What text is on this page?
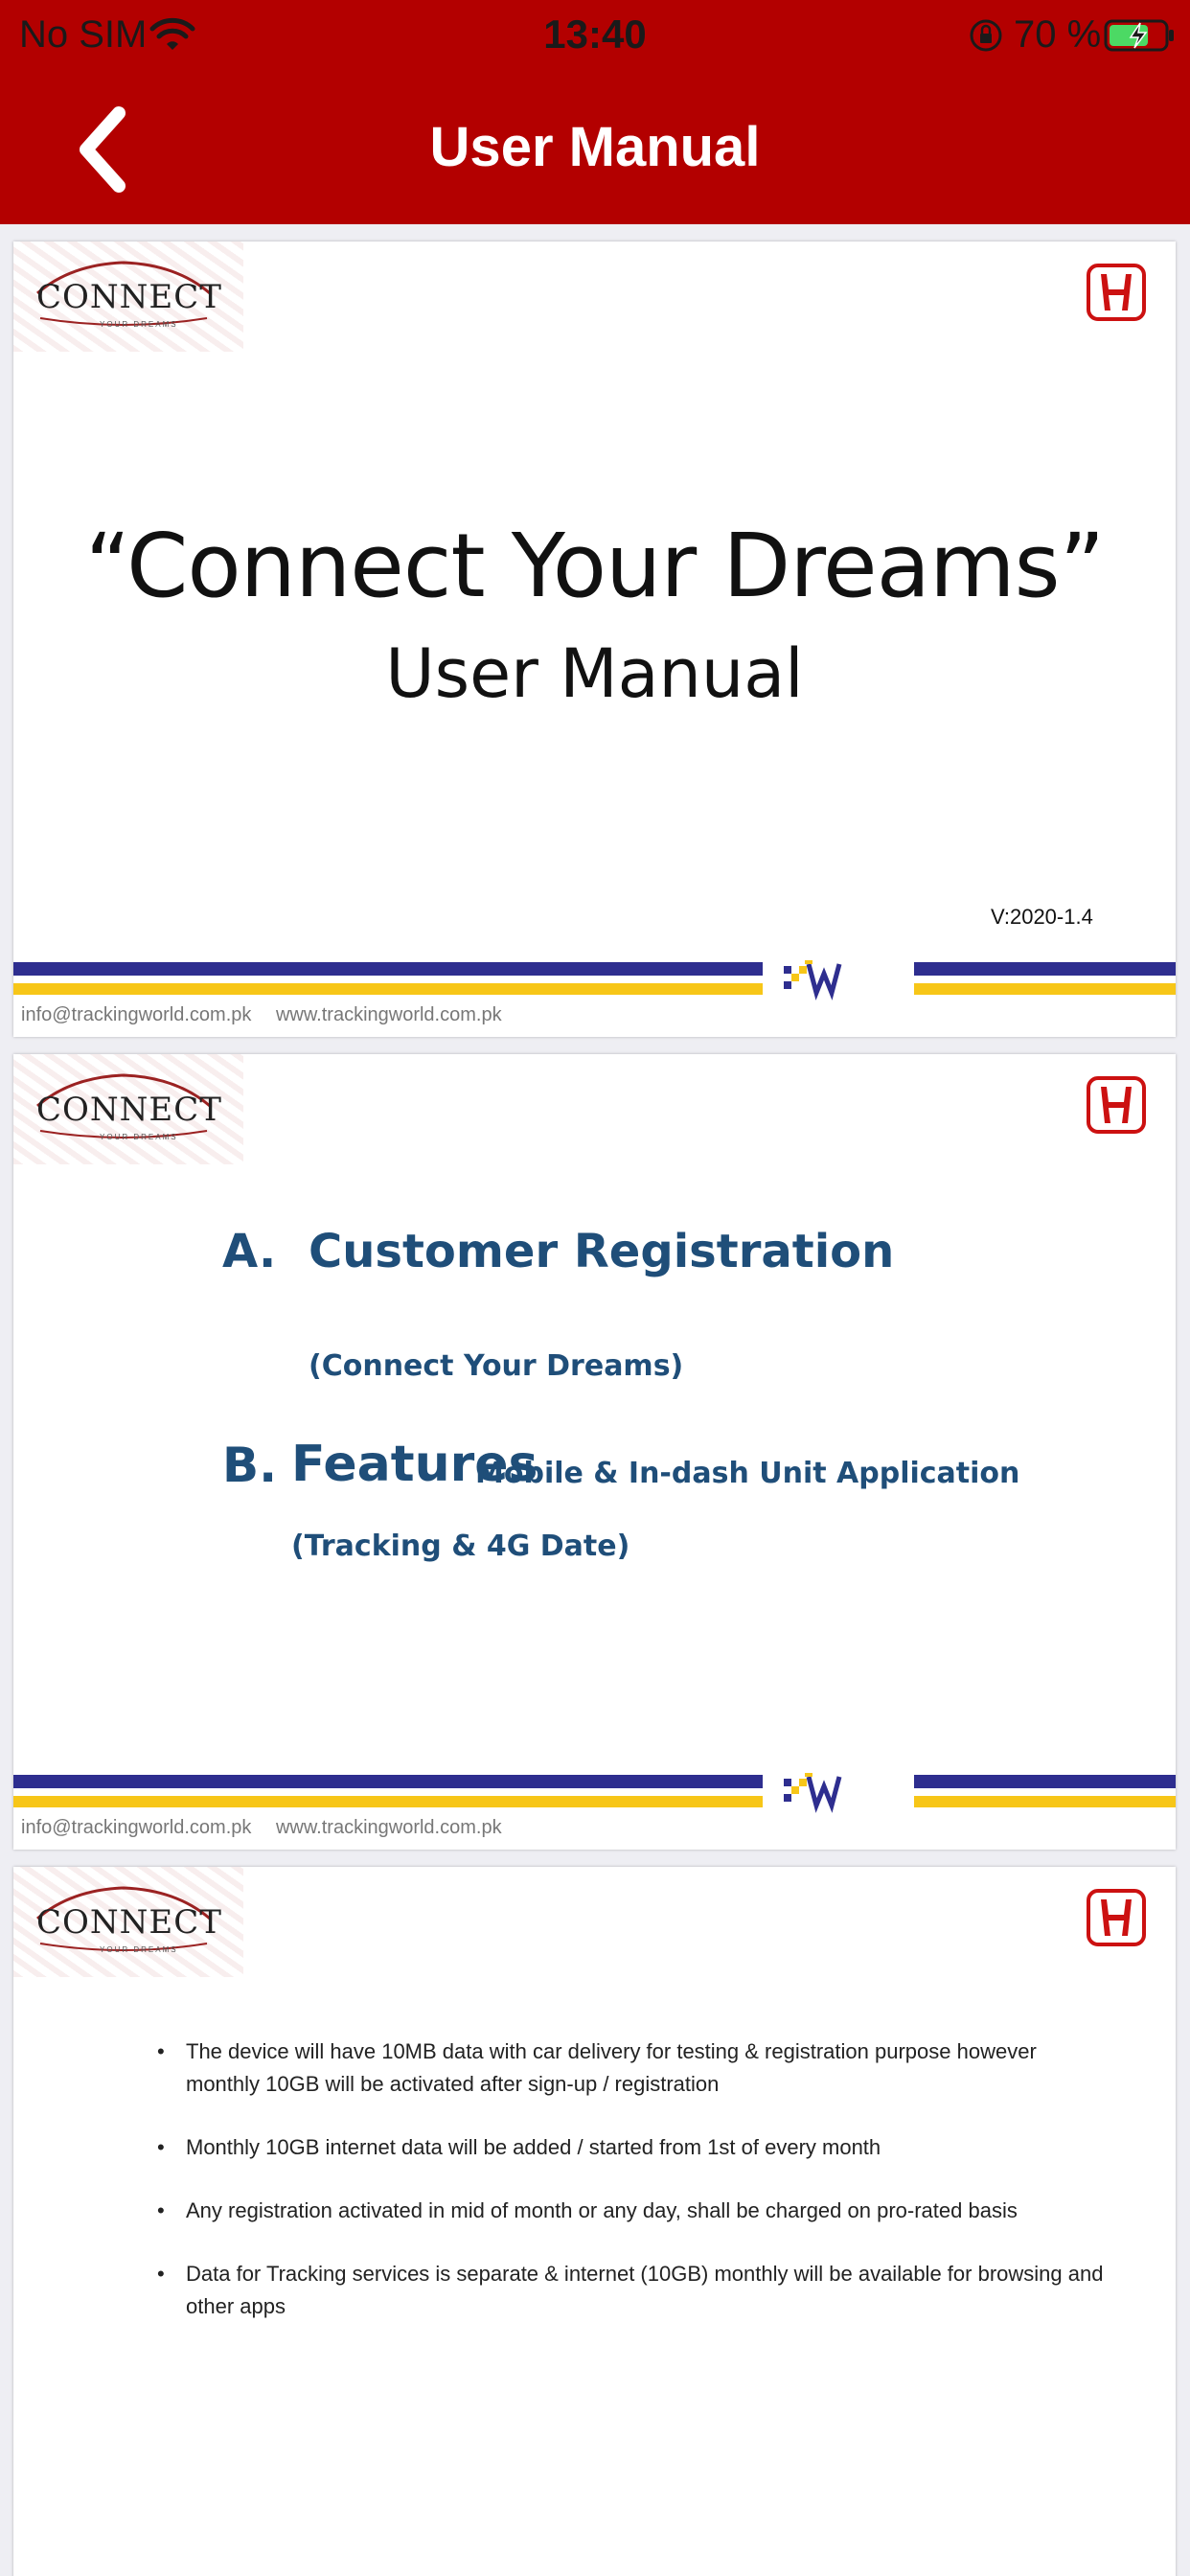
No SIM	13:40	70 %
User Manual
CONNECT
YOUR DREAMS
“Connect Your Dreams”
User Manual
V:2020-1.4
info@trackingworld.com.pk www.trackingworld.com.pk
CONNECT
YOUR DREAMS
A. Customer Registration
(Connect Your Dreams)
B. Features
Mobile & In-dash Unit Application
(Tracking & 4G Date)
info@trackingworld.com.pk www.trackingworld.com.pk
CONNECT
YOUR DREAMS
• The device will have 10MB data with car delivery for testing & registration purpose however monthly 10GB will be activated after sign-up / registration
• Monthly 10GB internet data will be added / started from 1st of every month
• Any registration activated in mid of month or any day, shall be charged on pro-rated basis
• Data for Tracking services is separate & internet (10GB) monthly will be available for browsing and other apps
